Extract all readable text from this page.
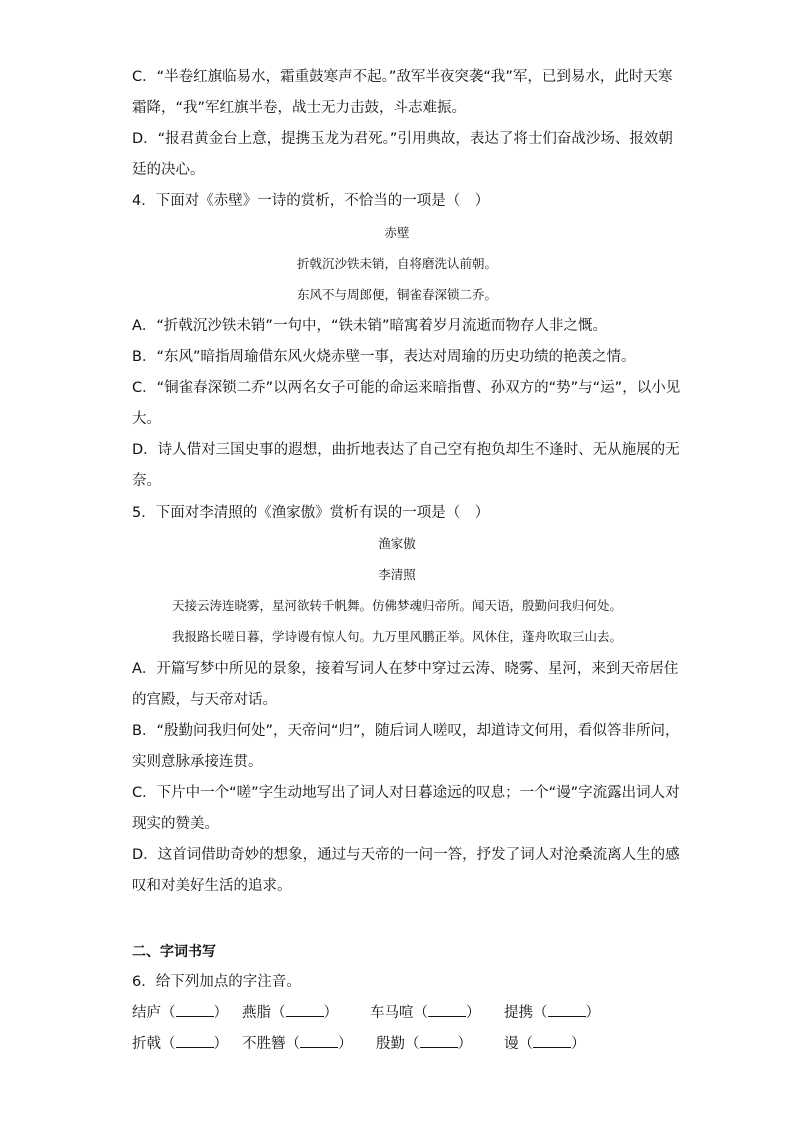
C．“半卷红旗临易水，霜重鼓寒声不起。”敌军半夜突袭“我”军，已到易水，此时天寒
霜降，“我”军红旗半卷，战士无力击鼓，斗志难振。
D．“报君黄金台上意，提携玉龙为君死。”引用典故，表达了将士们奋战沙场、报效朝
廷的决心。
4．下面对《赤壁》一诗的赏析，不恰当的一项是（　）
赤壁
折戟沉沙铁未销，自将磨洗认前朝。
东风不与周郎便，铜雀春深锁二乔。
A．“折戟沉沙铁未销”一句中，“铁未销”暗寓着岁月流逝而物存人非之慨。
B．“东风”暗指周瑜借东风火烧赤壁一事，表达对周瑜的历史功绩的艳羡之情。
C．“铜雀春深锁二乔”以两名女子可能的命运来暗指曹、孙双方的“势”与“运”，以小见
大。
D．诗人借对三国史事的遐想，曲折地表达了自己空有抱负却生不逢时、无从施展的无
奈。
5．下面对李清照的《渔家傲》赏析有误的一项是（　）
渔家傲
李清照
天接云涛连晓雾，星河欲转千帆舞。仿佛梦魂归帝所。闻天语，殷勤问我归何处。
我报路长嗟日暮，学诗谩有惊人句。九万里风鹏正举。风休住，蓬舟吹取三山去。
A．开篇写梦中所见的景象，接着写词人在梦中穿过云涛、晓雾、星河，来到天帝居住
的宫殿，与天帝对话。
B．“殷勤问我归何处”，天帝问“归”，随后词人嗟叹，却道诗文何用，看似答非所问，
实则意脉承接连贯。
C．下片中一个“嗟”字生动地写出了词人对日暮途远的叹息；一个“谩”字流露出词人对
现实的赞美。
D．这首词借助奇妙的想象，通过与天帝的一问一答，抒发了词人对沧桑流离人生的感
叹和对美好生活的追求。
二、字词书写
6．给下列加点的字注音。
结庐（	） 燕脂（	） 车马喧（	） 提携（	）
折戟（	） 不胜簪（	） 殷勤（	） 谩（	）
